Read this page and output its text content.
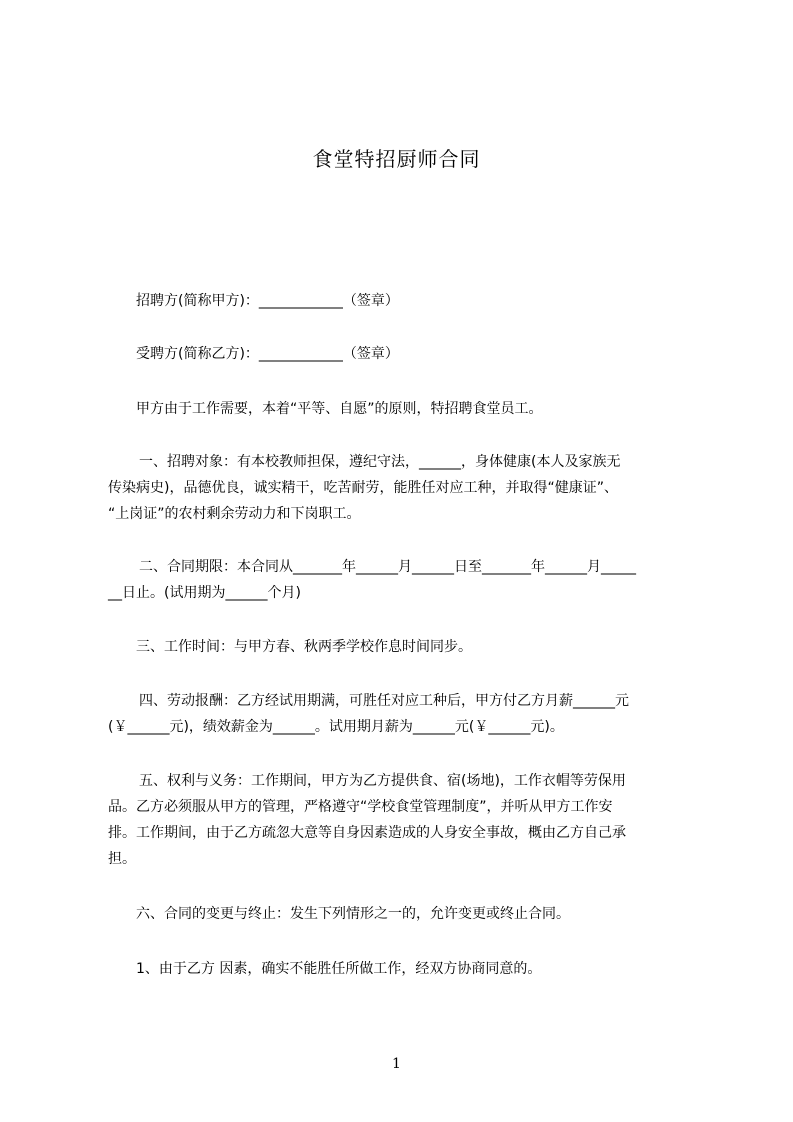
食堂特招厨师合同
招聘方(简称甲方)：____________（签章）
受聘方(简称乙方)：____________（签章）
甲方由于工作需要，本着“平等、自愿”的原则，特招聘食堂员工。
一、招聘对象：有本校教师担保，遵纪守法，______，身体健康(本人及家族无
传染病史)，品德优良，诚实精干，吃苦耐劳，能胜任对应工种，并取得“健康证”、
“上岗证”的农村剩余劳动力和下岗职工。
二、合同期限：本合同从_______年______月______日至_______年______月_____
__日止。(试用期为______个月)
三、工作时间：与甲方春、秋两季学校作息时间同步。
四、劳动报酬：乙方经试用期满，可胜任对应工种后，甲方付乙方月薪______元
(￥______元)，绩效薪金为______。试用期月薪为______元(￥______元)。
五、权利与义务：工作期间，甲方为乙方提供食、宿(场地)，工作衣帽等劳保用
品。乙方必须服从甲方的管理，严格遵守“学校食堂管理制度”，并听从甲方工作安
排。工作期间，由于乙方疏忽大意等自身因素造成的人身安全事故，概由乙方自己承
担。
六、合同的变更与终止：发生下列情形之一的，允许变更或终止合同。
1、由于乙方 因素，确实不能胜任所做工作，经双方协商同意的。
1
